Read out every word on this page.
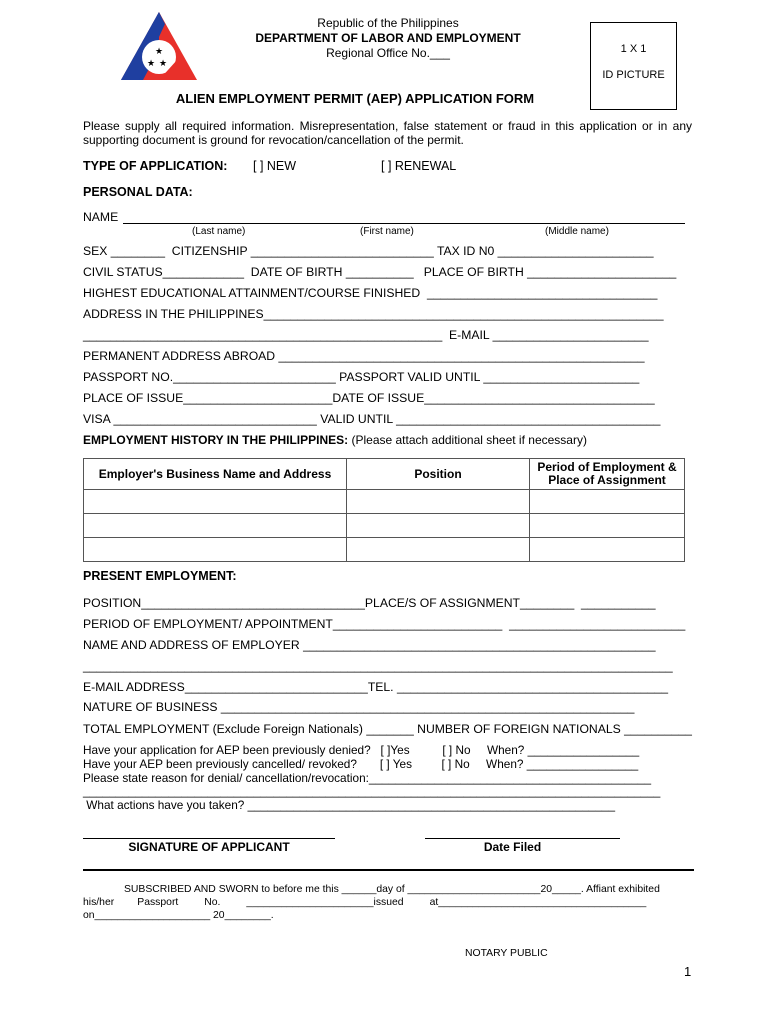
★
★ ★
Republic of the Philippines
DEPARTMENT OF LABOR AND EMPLOYMENT
Regional Office No.___	1 X 1
ID PICTURE
ALIEN EMPLOYMENT PERMIT (AEP) APPLICATION FORM
Please supply all required information. Misrepresentation, false statement or fraud in this application or in any supporting document is ground for revocation/cancellation of the permit.
TYPE OF APPLICATION: [ ] NEW	[ ] RENEWAL
PERSONAL DATA:
NAME
(Last name)	(First name)	(Middle name)
SEX ________  CITIZENSHIP ___________________________ TAX ID N0 _______________________
CIVIL STATUS____________  DATE OF BIRTH __________   PLACE OF BIRTH ______________________
HIGHEST EDUCATIONAL ATTAINMENT/COURSE FINISHED  __________________________________
ADDRESS IN THE PHILIPPINES___________________________________________________________
_____________________________________________________  E-MAIL _______________________
PERMANENT ADDRESS ABROAD ______________________________________________________
PASSPORT NO.________________________ PASSPORT VALID UNTIL _______________________
PLACE OF ISSUE______________________DATE OF ISSUE__________________________________
VISA ______________________________ VALID UNTIL _______________________________________
EMPLOYMENT HISTORY IN THE PHILIPPINES: (Please attach additional sheet if necessary)
Employer's Business Name and Address	Position	Period of Employment & Place of Assignment

PRESENT EMPLOYMENT:
POSITION_________________________________PLACE/S OF ASSIGNMENT________  ___________
PERIOD OF EMPLOYMENT/ APPOINTMENT_________________________  __________________________
NAME AND ADDRESS OF EMPLOYER ____________________________________________________
_______________________________________________________________________________________
E-MAIL ADDRESS___________________________TEL. ________________________________________
NATURE OF BUSINESS _____________________________________________________________
TOTAL EMPLOYMENT (Exclude Foreign Nationals) _______ NUMBER OF FOREIGN NATIONALS __________
Have your application for AEP been previously denied?   [ ]Yes          [ ] No     When? _________________
Have your AEP been previously cancelled/ revoked?       [ ] Yes         [ ] No     When? _________________
Please state reason for denial/ cancellation/revocation:___________________________________________
________________________________________________________________________________________
What actions have you taken? ________________________________________________________
SIGNATURE OF APPLICANT	Date Filed
SUBSCRIBED AND SWORN to before me this ______day of _______________________20_____. Affiant exhibited
his/her        Passport         No.         ______________________issued         at____________________________________
on____________________ 20________.
NOTARY PUBLIC
1
